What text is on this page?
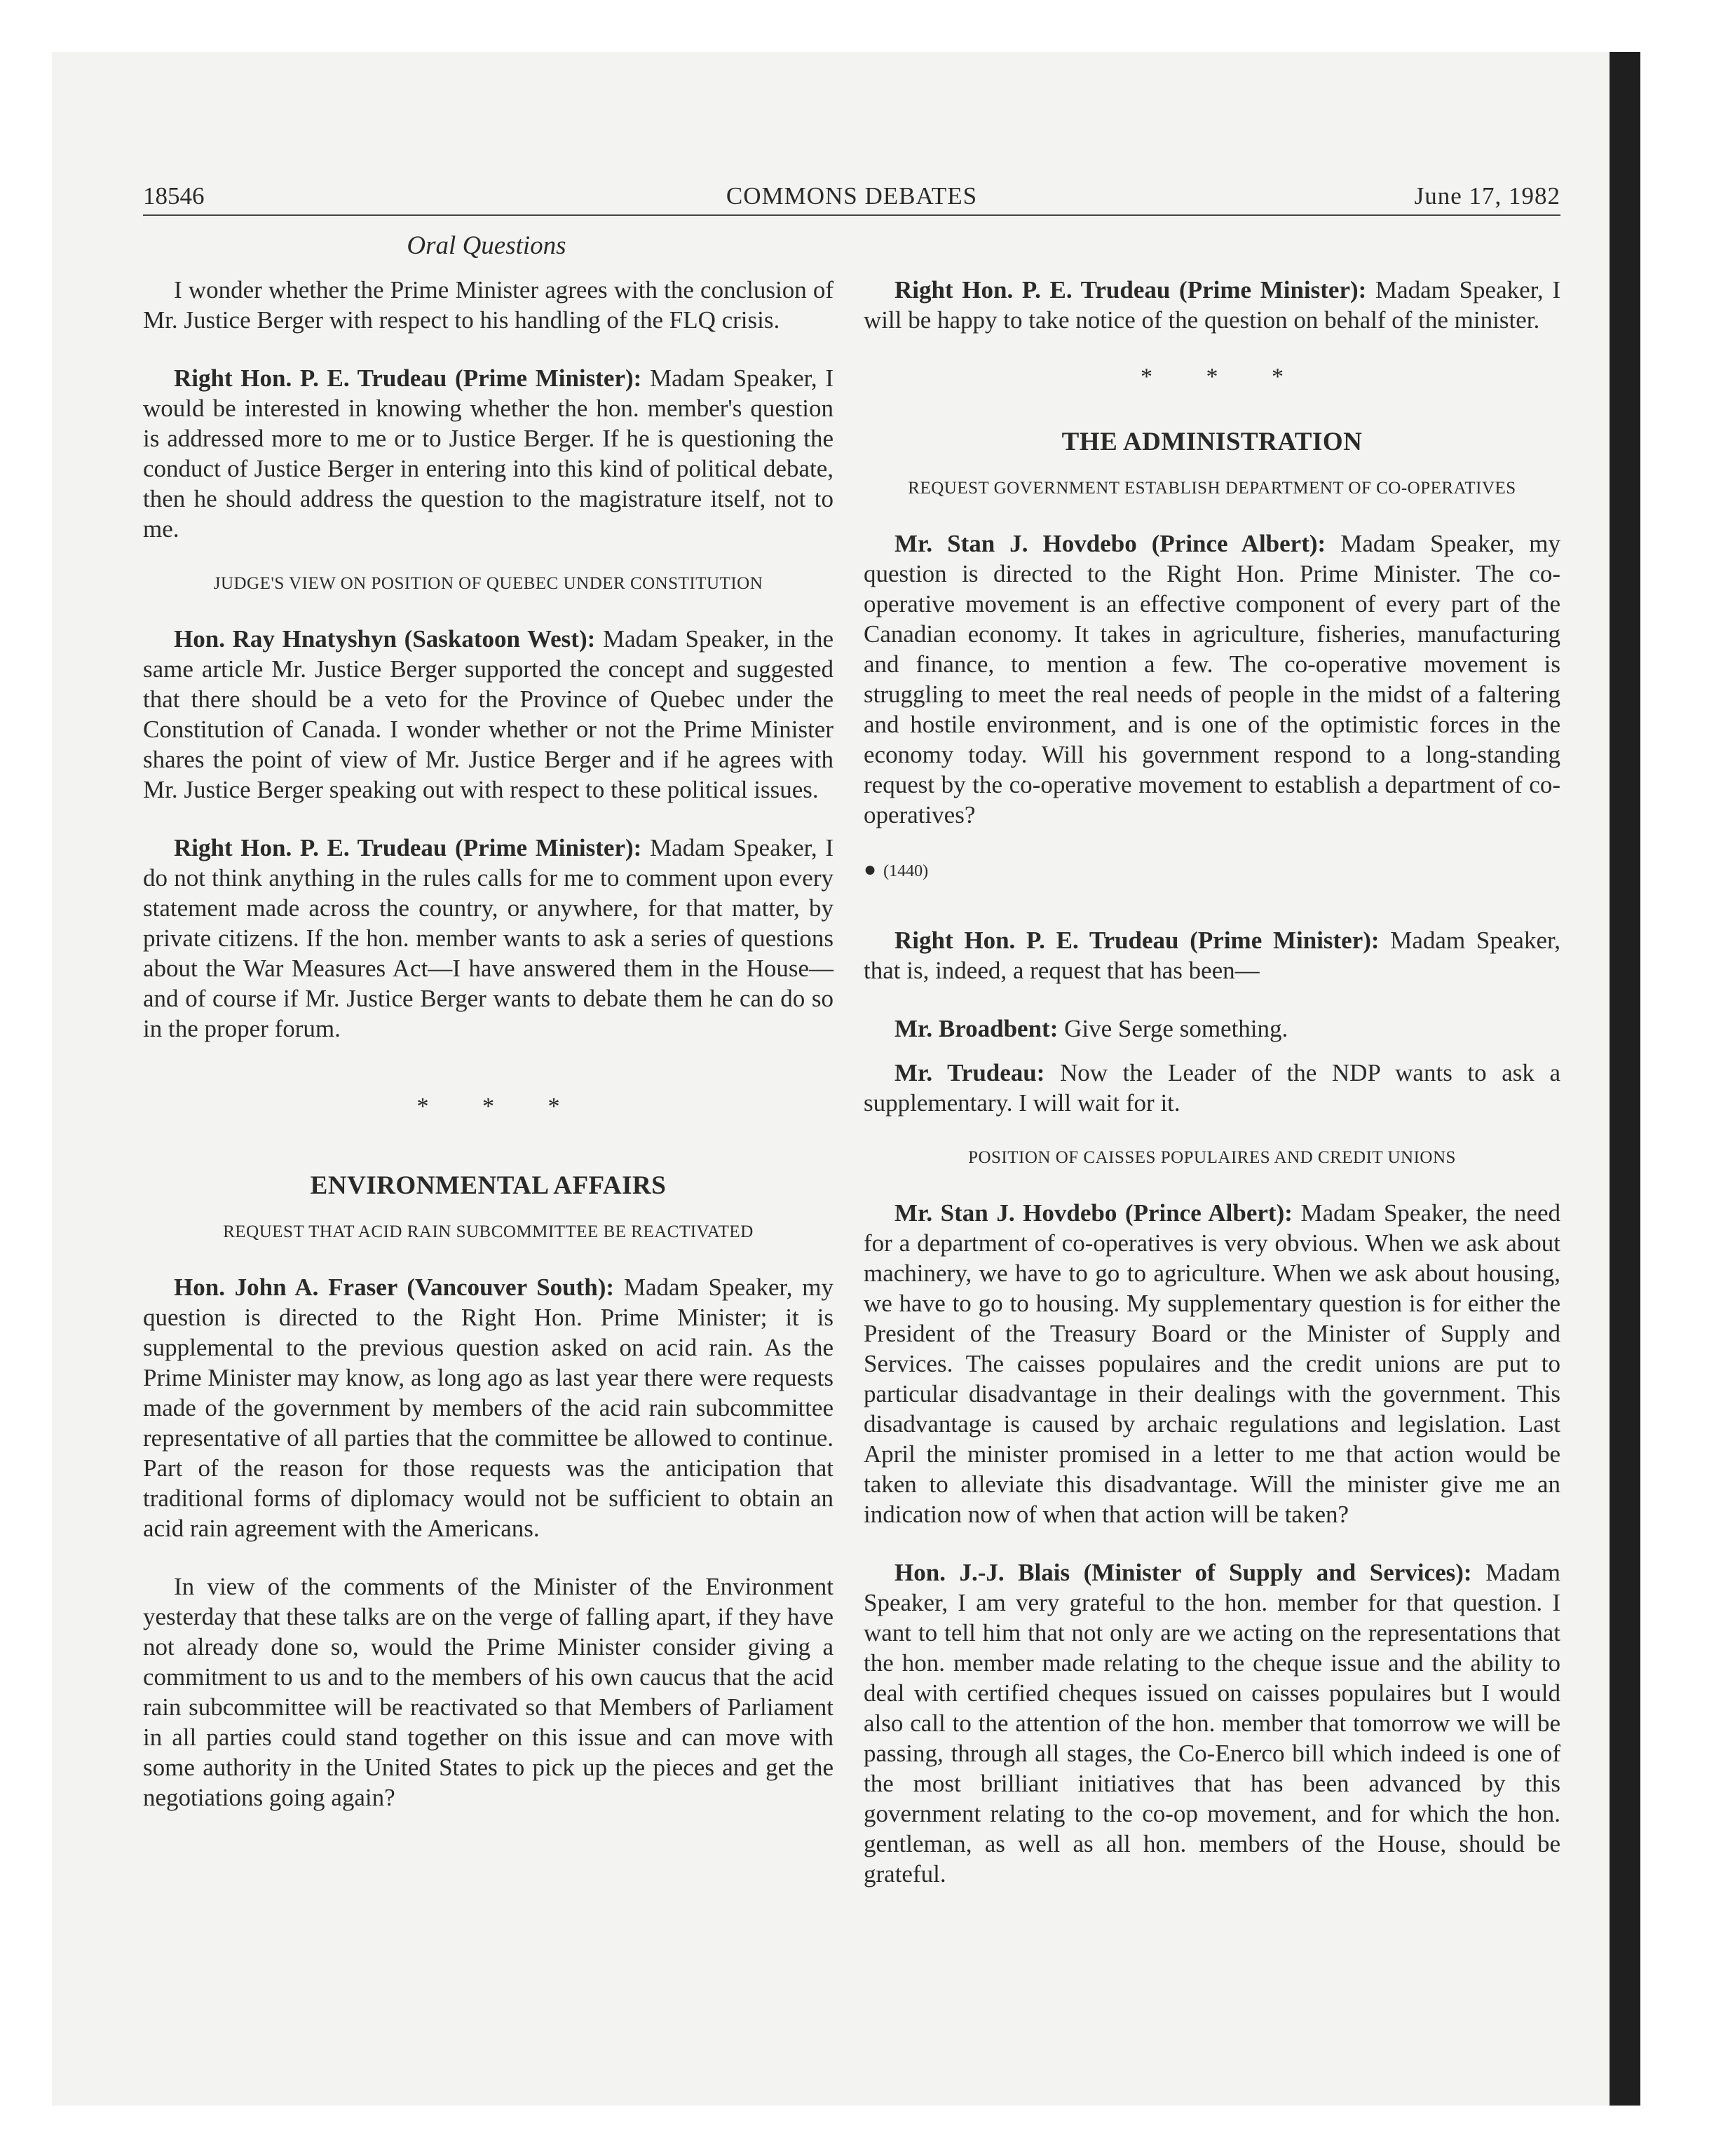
18546	COMMONS DEBATES	June 17, 1982
Oral Questions

I wonder whether the Prime Minister agrees with the conclusion of Mr. Justice Berger with respect to his handling of the FLQ crisis.

Right Hon. P. E. Trudeau (Prime Minister): Madam Speaker, I would be interested in knowing whether the hon. member's question is addressed more to me or to Justice Berger. If he is questioning the conduct of Justice Berger in entering into this kind of political debate, then he should address the question to the magistrature itself, not to me.

JUDGE'S VIEW ON POSITION OF QUEBEC UNDER CONSTITUTION

Hon. Ray Hnatyshyn (Saskatoon West): Madam Speaker, in the same article Mr. Justice Berger supported the concept and suggested that there should be a veto for the Province of Quebec under the Constitution of Canada. I wonder whether or not the Prime Minister shares the point of view of Mr. Justice Berger and if he agrees with Mr. Justice Berger speaking out with respect to these political issues.

Right Hon. P. E. Trudeau (Prime Minister): Madam Speaker, I do not think anything in the rules calls for me to comment upon every statement made across the country, or anywhere, for that matter, by private citizens. If the hon. member wants to ask a series of questions about the War Measures Act—I have answered them in the House—and of course if Mr. Justice Berger wants to debate them he can do so in the proper forum.

* * *
ENVIRONMENTAL AFFAIRS
REQUEST THAT ACID RAIN SUBCOMMITTEE BE REACTIVATED

Hon. John A. Fraser (Vancouver South): Madam Speaker, my question is directed to the Right Hon. Prime Minister; it is supplemental to the previous question asked on acid rain. As the Prime Minister may know, as long ago as last year there were requests made of the government by members of the acid rain subcommittee representative of all parties that the committee be allowed to continue. Part of the reason for those requests was the anticipation that traditional forms of diplomacy would not be sufficient to obtain an acid rain agreement with the Americans.

In view of the comments of the Minister of the Environment yesterday that these talks are on the verge of falling apart, if they have not already done so, would the Prime Minister consider giving a commitment to us and to the members of his own caucus that the acid rain subcommittee will be reactivated so that Members of Parliament in all parties could stand together on this issue and can move with some authority in the United States to pick up the pieces and get the negotiations going again?

Right Hon. P. E. Trudeau (Prime Minister): Madam Speaker, I will be happy to take notice of the question on behalf of the minister.

* * *
THE ADMINISTRATION
REQUEST GOVERNMENT ESTABLISH DEPARTMENT OF CO-OPERATIVES

Mr. Stan J. Hovdebo (Prince Albert): Madam Speaker, my question is directed to the Right Hon. Prime Minister. The co-operative movement is an effective component of every part of the Canadian economy. It takes in agriculture, fisheries, manufacturing and finance, to mention a few. The co-operative movement is struggling to meet the real needs of people in the midst of a faltering and hostile environment, and is one of the optimistic forces in the economy today. Will his government respond to a long-standing request by the co-operative movement to establish a department of co-operatives?

● (1440)

Right Hon. P. E. Trudeau (Prime Minister): Madam Speaker, that is, indeed, a request that has been—

Mr. Broadbent: Give Serge something.

Mr. Trudeau: Now the Leader of the NDP wants to ask a supplementary. I will wait for it.

POSITION OF CAISSES POPULAIRES AND CREDIT UNIONS

Mr. Stan J. Hovdebo (Prince Albert): Madam Speaker, the need for a department of co-operatives is very obvious. When we ask about machinery, we have to go to agriculture. When we ask about housing, we have to go to housing. My supplementary question is for either the President of the Treasury Board or the Minister of Supply and Services. The caisses populaires and the credit unions are put to particular disadvantage in their dealings with the government. This disadvantage is caused by archaic regulations and legislation. Last April the minister promised in a letter to me that action would be taken to alleviate this disadvantage. Will the minister give me an indication now of when that action will be taken?

Hon. J.-J. Blais (Minister of Supply and Services): Madam Speaker, I am very grateful to the hon. member for that question. I want to tell him that not only are we acting on the representations that the hon. member made relating to the cheque issue and the ability to deal with certified cheques issued on caisses populaires but I would also call to the attention of the hon. member that tomorrow we will be passing, through all stages, the Co-Enerco bill which indeed is one of the most brilliant initiatives that has been advanced by this government relating to the co-op movement, and for which the hon. gentleman, as well as all hon. members of the House, should be grateful.
